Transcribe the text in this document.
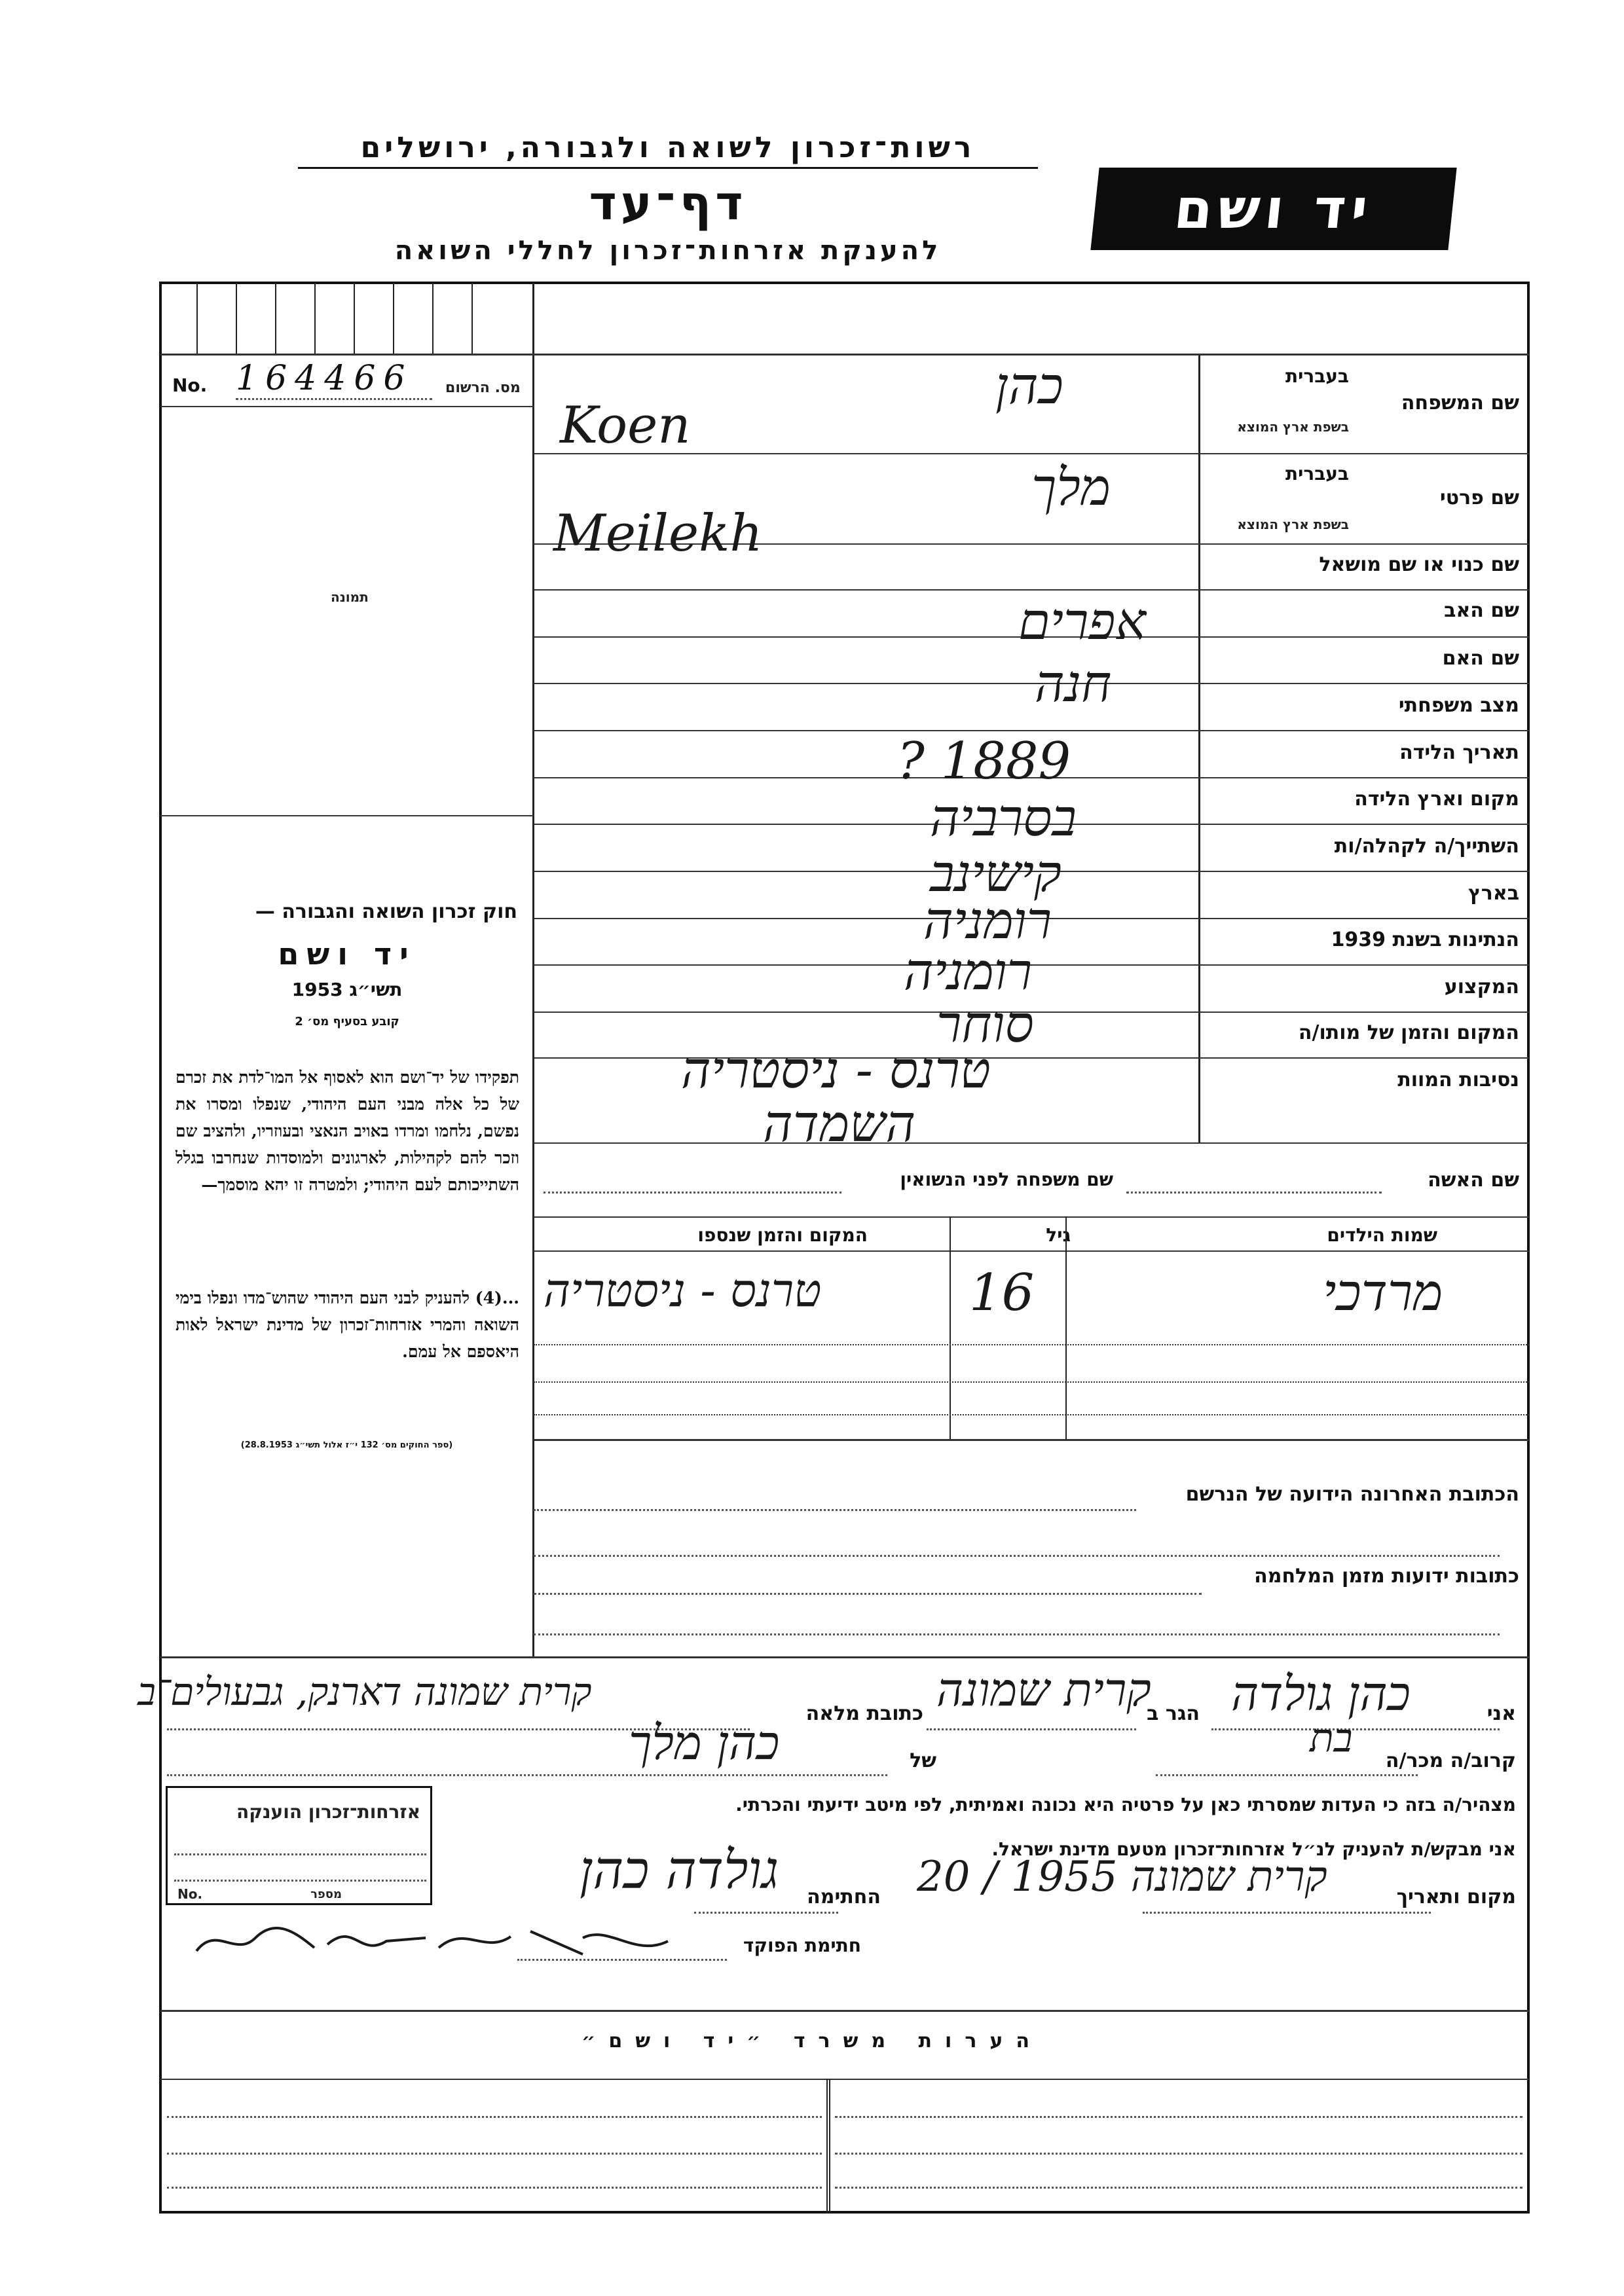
רשות־זכרון לשואה ולגבורה, ירושלים
דף־עד
להענקת אזרחות־זכרון לחללי השואה
יד ושם
No. 164466	מס. הרשום
תמונה
חוק זכרון השואה והגבורה —
יד ושם
תשי״ג 1953
קובע בסעיף מס׳ 2
תפקידו של יד־ושם הוא לאסוף אל המו־לדת את זכרם של כל אלה מבני העם היהודי, שנפלו ומסרו את נפשם, נלחמו ומרדו באויב הנאצי ובעוזריו, ולהציב שם וזכר להם לקהילות, לארגונים ולמוסדות שנחרבו בגלל השתייכותם לעם היהודי; ולמטרה זו יהא מוסמך—
...(4) להעניק לבני העם היהודי שהוש־מדו ונפלו בימי השואה והמרי אזרחות־זכרון של מדינת ישראל לאות היאספם אל עמם.
(ספר החוקים מס׳ 132 י״ז אלול תשי״ג 28.8.1953)
בעברית
שם המשפחה
בשפת ארץ המוצא
בעברית
שם פרטי
בשפת ארץ המוצא
שם כנוי או שם מושאל
שם האב
שם האם
מצב משפחתי
תאריך הלידה
מקום וארץ הלידה
השתייך/ה לקהלה/ות
בארץ
הנתינות בשנת 1939
המקצוע
המקום והזמן של מותו/ה
נסיבות המוות
שם האשה
שם משפחה לפני הנשואין
שמות הילדים
גיל
המקום והזמן שנספו
הכתובת האחרונה הידועה של הנרשם
כתובות ידועות מזמן המלחמה
כהן
Koen
מלך
Meilekh
אפרים
חנה
1889 ?
בסרביה
קישינב
רומניה
רומניה
סוחר
טרנס - ניסטריה
השמדה
מרדכי
16
טרנס - ניסטריה
אני
כהן גולדה
הגר ב
קרית שמונה
כתובת מלאה
קרית שמונה דארנק, גבעולים־ב
קרוב/ה מכר/ה
בת
של
כהן מלך
מצהיר/ה בזה כי העדות שמסרתי כאן על פרטיה היא נכונה ואמיתית, לפי מיטב ידיעתי והכרתי.
אני מבקש/ת להעניק לנ״ל אזרחות־זכרון מטעם מדינת ישראל.
מקום ותאריך
קרית שמונה 1955 / 20
החתימה
גולדה כהן
חתימת הפוקד
אזרחות־זכרון הוענקה
No.	מספר
הערות משרד ״יד ושם״
